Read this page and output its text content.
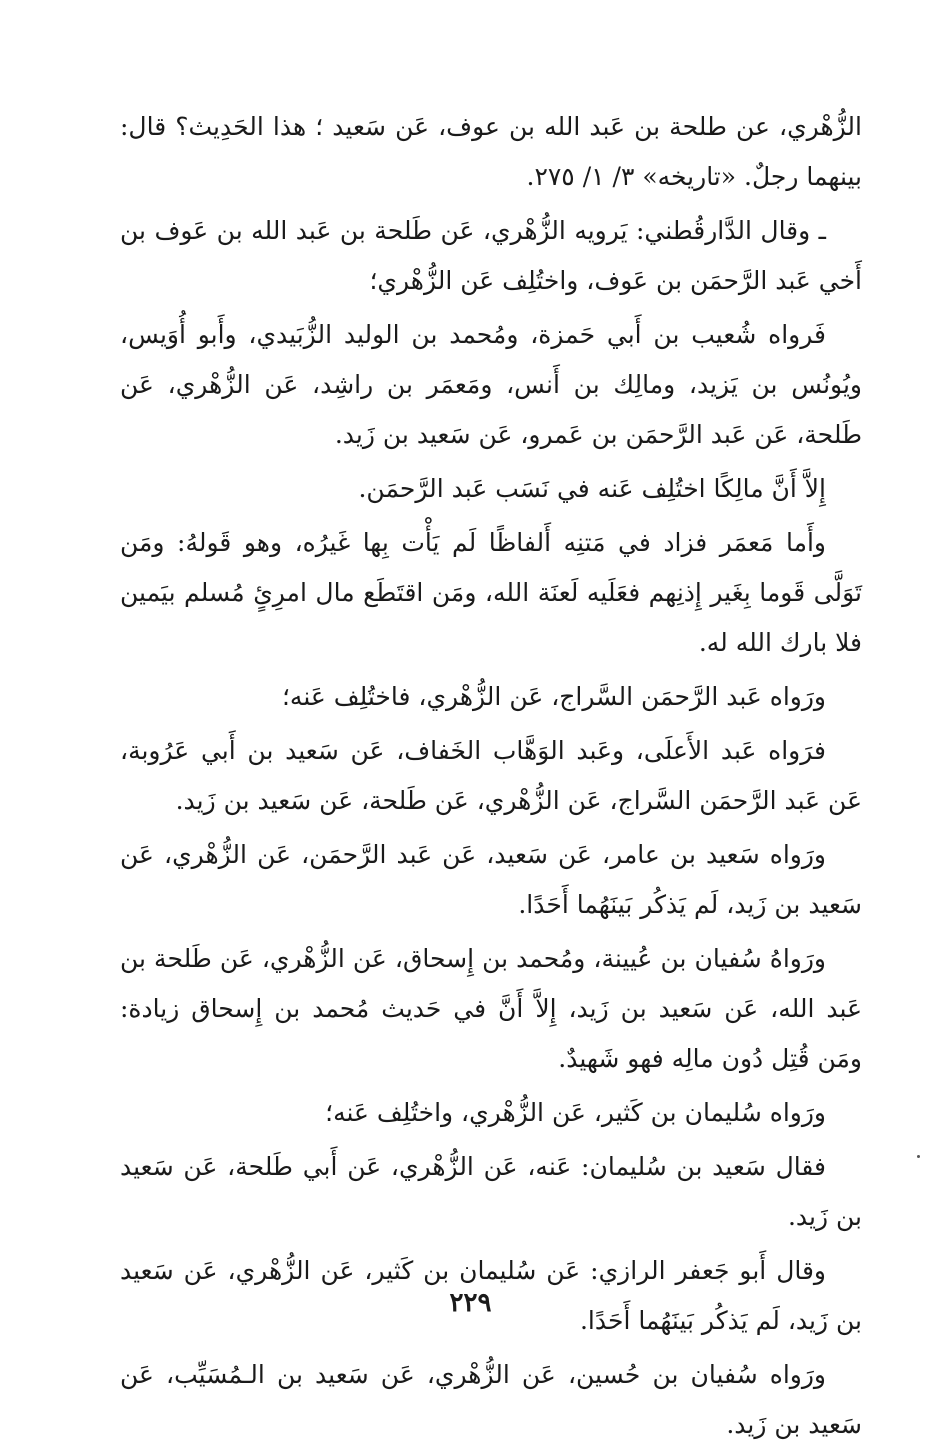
الزُّهْري، عن طلحة بن عَبد الله بن عوف، عَن سَعيد ؛ هذا الحَدِيث؟ قال: بينهما رجلٌ. «تاريخه» ٣/ ١/ ٢٧٥.

ـ وقال الدَّارقُطني: يَرويه الزُّهْري، عَن طَلحة بن عَبد الله بن عَوف بن أَخي عَبد الرَّحمَن بن عَوف، واختُلِف عَن الزُّهْري؛

فَرواه شُعيب بن أَبي حَمزة، ومُحمد بن الوليد الزُّبَيدي، وأَبو أُوَيس، ويُونُس بن يَزيد، ومالِك بن أَنس، ومَعمَر بن راشِد، عَن الزُّهْري، عَن طَلحة، عَن عَبد الرَّحمَن بن عَمرو، عَن سَعيد بن زَيد.

إِلاَّ أَنَّ مالِكًا اختُلِف عَنه في نَسَب عَبد الرَّحمَن.

وأَما مَعمَر فزاد في مَتنِه أَلفاظًا لَم يَأْت بِها غَيرُه، وهو قَولهُ: ومَن تَوَلَّى قَوما بِغَير إِذنِهم فعَلَيه لَعنَة الله، ومَن اقتَطَع مال امرِئٍ مُسلم بيَمين فلا بارك الله له.

ورَواه عَبد الرَّحمَن السَّراج، عَن الزُّهْري، فاختُلِف عَنه؛

فرَواه عَبد الأَعلَى، وعَبد الوَهَّاب الخَفاف، عَن سَعيد بن أَبي عَرُوبة، عَن عَبد الرَّحمَن السَّراج، عَن الزُّهْري، عَن طَلحة، عَن سَعيد بن زَيد.

ورَواه سَعيد بن عامر، عَن سَعيد، عَن عَبد الرَّحمَن، عَن الزُّهْري، عَن سَعيد بن زَيد، لَم يَذكُر بَينَهُما أَحَدًا.

ورَواهُ سُفيان بن عُيينة، ومُحمد بن إِسحاق، عَن الزُّهْري، عَن طَلحة بن عَبد الله، عَن سَعيد بن زَيد، إِلاَّ أَنَّ في حَديث مُحمد بن إِسحاق زيادة: ومَن قُتِل دُون مالِه فهو شَهيدٌ.

ورَواه سُليمان بن كَثير، عَن الزُّهْري، واختُلِف عَنه؛

فقال سَعيد بن سُليمان: عَنه، عَن الزُّهْري، عَن أَبي طَلحة، عَن سَعيد بن زَيد.

وقال أَبو جَعفر الرازي: عَن سُليمان بن كَثير، عَن الزُّهْري، عَن سَعيد بن زَيد، لَم يَذكُر بَينَهُما أَحَدًا.

ورَواه سُفيان بن حُسين، عَن الزُّهْري، عَن سَعيد بن الـمُسَيِّب، عَن سَعيد بن زَيد.

٢٢٩
